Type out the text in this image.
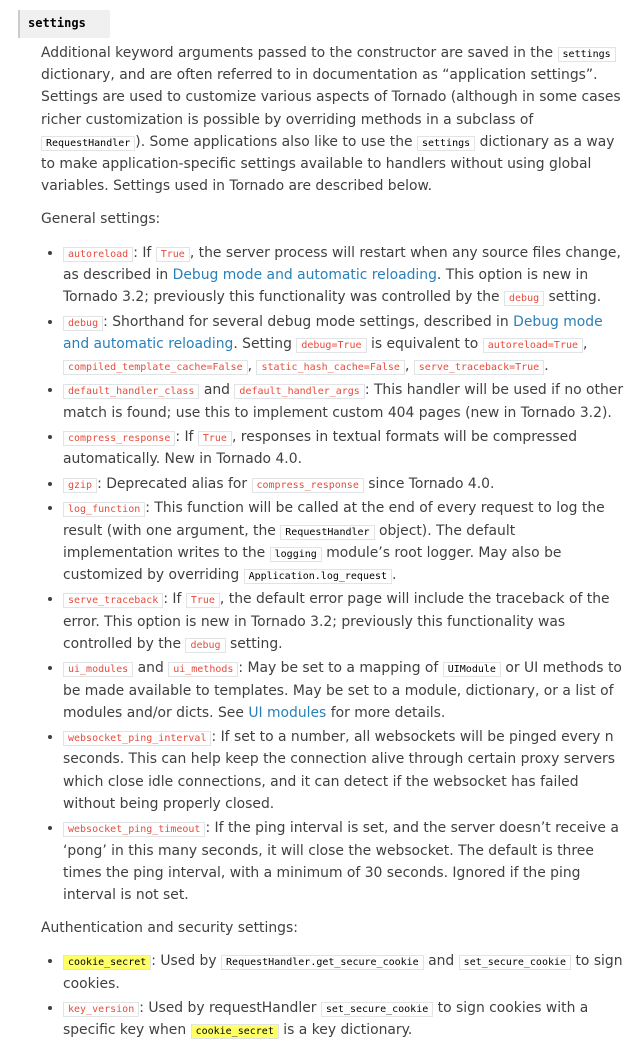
settings

Additional keyword arguments passed to the constructor are saved in the settings dictionary, and are often referred to in documentation as “application settings”. Settings are used to customize various aspects of Tornado (although in some cases richer customization is possible by overriding methods in a subclass of RequestHandler ). Some applications also like to use the settings dictionary as a way to make application-specific settings available to handlers without using global variables. Settings used in Tornado are described below.

General settings:

• autoreload : If True , the server process will restart when any source files change, as described in Debug mode and automatic reloading. This option is new in Tornado 3.2; previously this functionality was controlled by the debug setting.
• debug : Shorthand for several debug mode settings, described in Debug mode and automatic reloading. Setting debug=True is equivalent to autoreload=True , compiled_template_cache=False , static_hash_cache=False , serve_traceback=True .
• default_handler_class and default_handler_args : This handler will be used if no other match is found; use this to implement custom 404 pages (new in Tornado 3.2).
• compress_response : If True , responses in textual formats will be compressed automatically. New in Tornado 4.0.
• gzip : Deprecated alias for compress_response since Tornado 4.0.
• log_function : This function will be called at the end of every request to log the result (with one argument, the RequestHandler object). The default implementation writes to the logging module’s root logger. May also be customized by overriding Application.log_request .
• serve_traceback : If True , the default error page will include the traceback of the error. This option is new in Tornado 3.2; previously this functionality was controlled by the debug setting.
• ui_modules and ui_methods : May be set to a mapping of UIModule or UI methods to be made available to templates. May be set to a module, dictionary, or a list of modules and/or dicts. See UI modules for more details.
• websocket_ping_interval : If set to a number, all websockets will be pinged every n seconds. This can help keep the connection alive through certain proxy servers which close idle connections, and it can detect if the websocket has failed without being properly closed.
• websocket_ping_timeout : If the ping interval is set, and the server doesn’t receive a ‘pong’ in this many seconds, it will close the websocket. The default is three times the ping interval, with a minimum of 30 seconds. Ignored if the ping interval is not set.

Authentication and security settings:

• cookie_secret : Used by RequestHandler.get_secure_cookie and set_secure_cookie to sign cookies.
• key_version : Used by requestHandler set_secure_cookie to sign cookies with a specific key when cookie_secret is a key dictionary.
